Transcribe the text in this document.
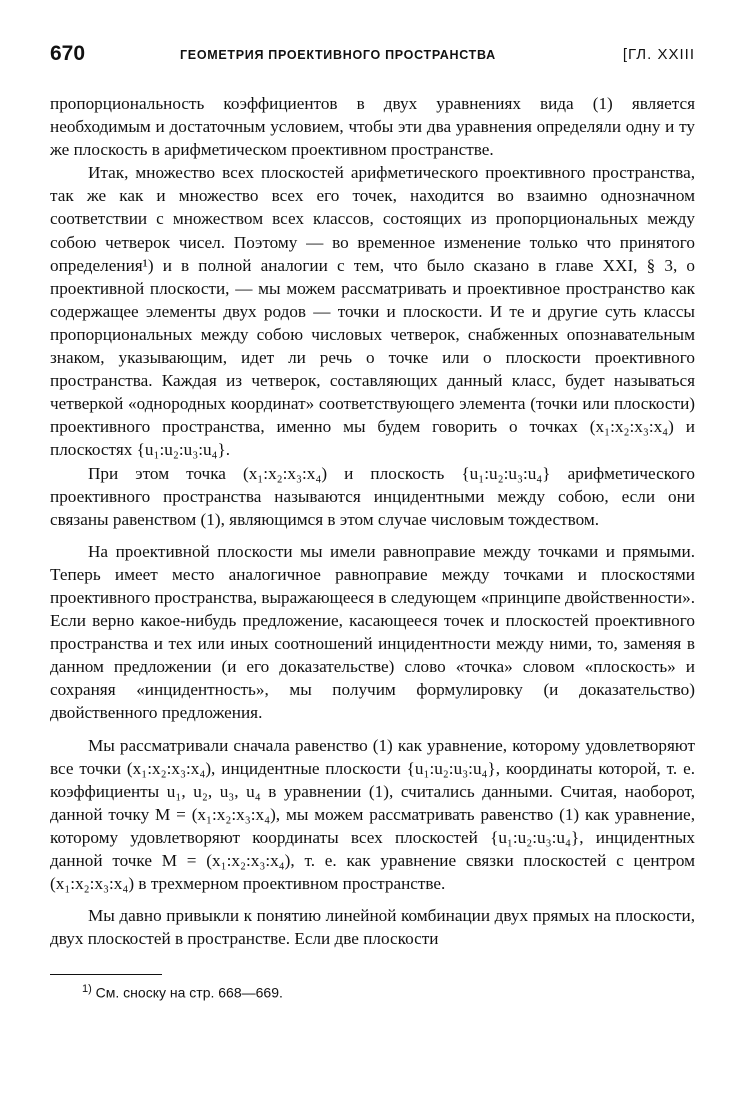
670	ГЕОМЕТРИЯ ПРОЕКТИВНОГО ПРОСТРАНСТВА	[ГЛ. XXIII

пропорциональность коэффициентов в двух уравнениях вида (1) является необходимым и достаточным условием, чтобы эти два уравнения определяли одну и ту же плоскость в арифметическом проективном пространстве.

Итак, множество всех плоскостей арифметического проективного пространства, так же как и множество всех его точек, находится во взаимно однозначном соответствии с множеством всех классов, состоящих из пропорциональных между собою четверок чисел. Поэтому — во временное изменение только что принятого определения¹) и в полной аналогии с тем, что было сказано в главе XXI, § 3, о проективной плоскости, — мы можем рассматривать и проективное пространство как содержащее элементы двух родов — точки и плоскости. И те и другие суть классы пропорциональных между собою числовых четверок, снабженных опознавательным знаком, указывающим, идет ли речь о точке или о плоскости проективного пространства. Каждая из четверок, составляющих данный класс, будет называться четверкой «однородных координат» соответствующего элемента (точки или плоскости) проективного пространства, именно мы будем говорить о точках (x₁:x₂:x₃:x₄) и плоскостях {u₁:u₂:u₃:u₄}.

При этом точка (x₁:x₂:x₃:x₄) и плоскость {u₁:u₂:u₃:u₄} арифметического проективного пространства называются инцидентными между собою, если они связаны равенством (1), являющимся в этом случае числовым тождеством.

На проективной плоскости мы имели равноправие между точками и прямыми. Теперь имеет место аналогичное равноправие между точками и плоскостями проективного пространства, выражающееся в следующем «принципе двойственности». Если верно какое-нибудь предложение, касающееся точек и плоскостей проективного пространства и тех или иных соотношений инцидентности между ними, то, заменяя в данном предложении (и его доказательстве) слово «точка» словом «плоскость» и сохраняя «инцидентность», мы получим формулировку (и доказательство) двойственного предложения.

Мы рассматривали сначала равенство (1) как уравнение, которому удовлетворяют все точки (x₁:x₂:x₃:x₄), инцидентные плоскости {u₁:u₂:u₃:u₄}, координаты которой, т. е. коэффициенты u₁, u₂, u₃, u₄ в уравнении (1), считались данными. Считая, наоборот, данной точку M = (x₁:x₂:x₃:x₄), мы можем рассматривать равенство (1) как уравнение, которому удовлетворяют координаты всех плоскостей {u₁:u₂:u₃:u₄}, инцидентных данной точке M = (x₁:x₂:x₃:x₄), т. е. как уравнение связки плоскостей с центром (x₁:x₂:x₃:x₄) в трехмерном проективном пространстве.

Мы давно привыкли к понятию линейной комбинации двух прямых на плоскости, двух плоскостей в пространстве. Если две плоскости

$^{1)}$ См. сноску на стр. 668—669.
